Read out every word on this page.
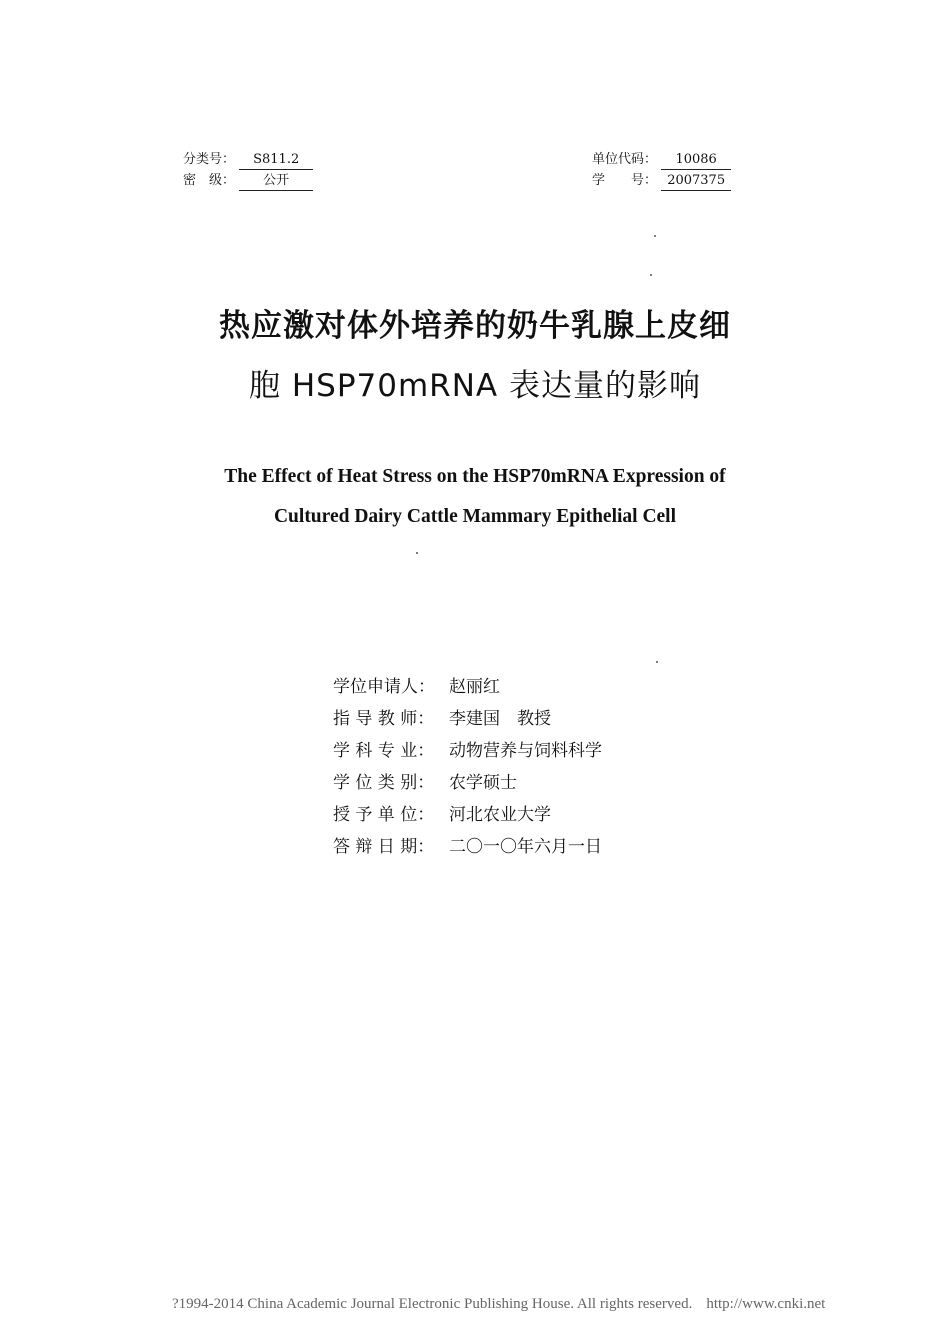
分类号： S811.2
密　级： 公开
单位代码： 10086
学　　号： 2007375
热应激对体外培养的奶牛乳腺上皮细
胞 HSP70mRNA 表达量的影响
The Effect of Heat Stress on the HSP70mRNA Expression of
Cultured Dairy Cattle Mammary Epithelial Cell
学位申请人： 赵丽红
指 导 教 师： 李建国　教授
学 科 专 业： 动物营养与饲料科学
学 位 类 别： 农学硕士
授 予 单 位： 河北农业大学
答 辩 日 期： 二〇一〇年六月一日
?1994-2014 China Academic Journal Electronic Publishing House. All rights reserved. http://www.cnki.net
